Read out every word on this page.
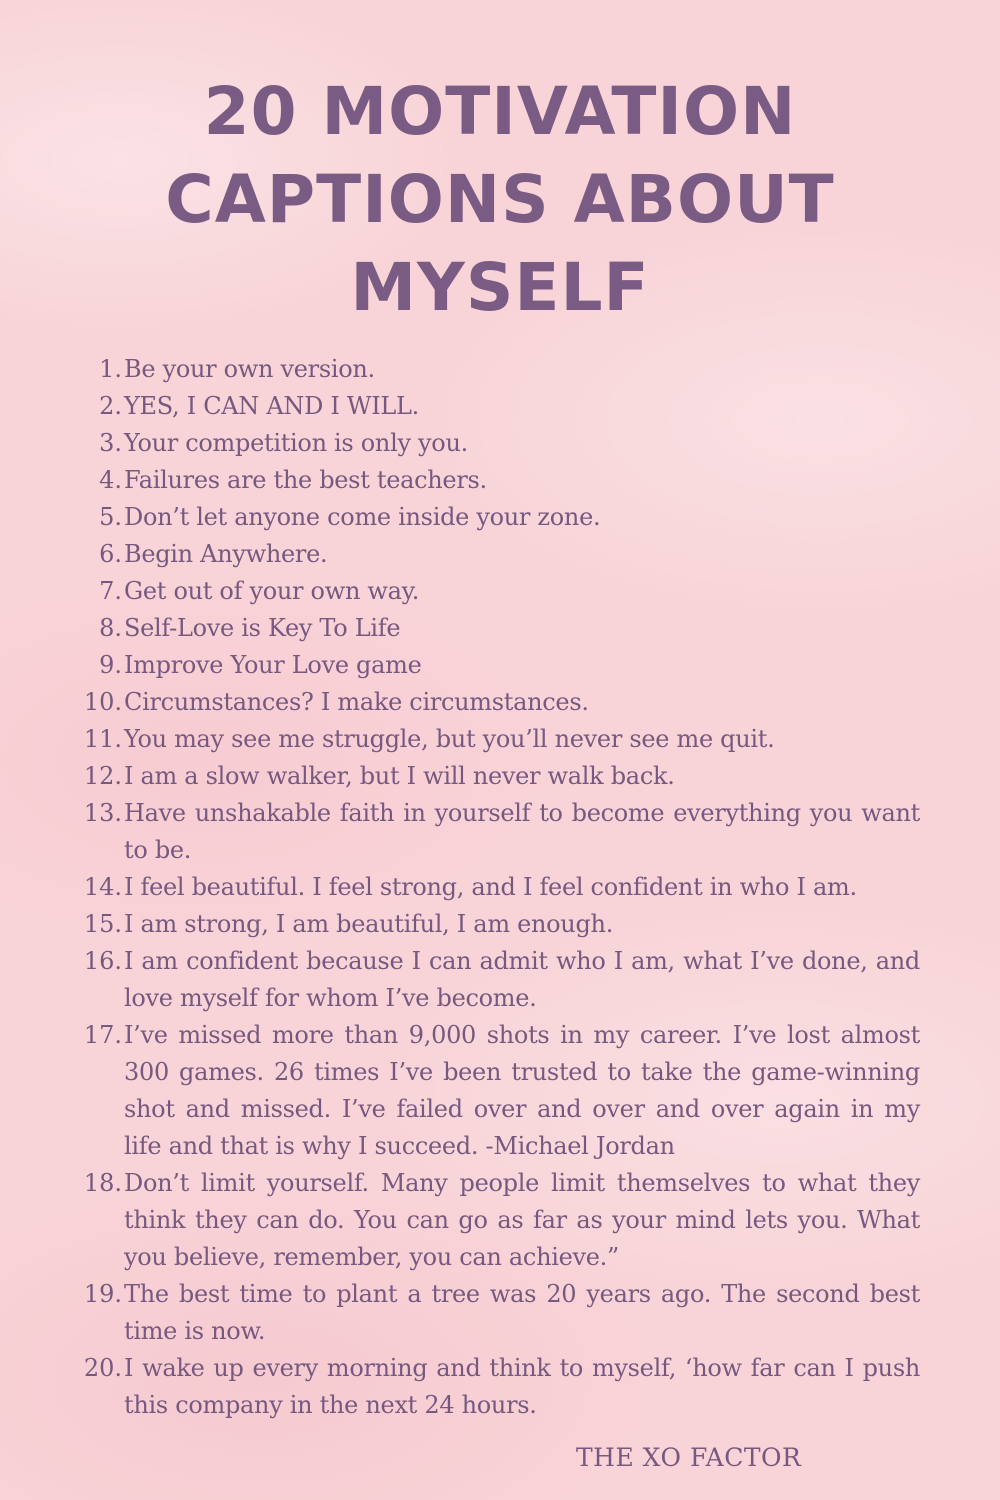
20 MOTIVATION
CAPTIONS ABOUT
MYSELF
1. Be your own version.
2. YES, I CAN AND I WILL.
3. Your competition is only you.
4. Failures are the best teachers.
5. Don’t let anyone come inside your zone.
6. Begin Anywhere.
7. Get out of your own way.
8. Self-Love is Key To Life
9. Improve Your Love game
10. Circumstances? I make circumstances.
11. You may see me struggle, but you’ll never see me quit.
12. I am a slow walker, but I will never walk back.
13. Have unshakable faith in yourself to become everything you want to be.
14. I feel beautiful. I feel strong, and I feel confident in who I am.
15. I am strong, I am beautiful, I am enough.
16. I am confident because I can admit who I am, what I’ve done, and love myself for whom I’ve become.
17. I’ve missed more than 9,000 shots in my career. I’ve lost almost 300 games. 26 times I’ve been trusted to take the game-winning shot and missed. I’ve failed over and over and over again in my life and that is why I succeed. -Michael Jordan
18. Don’t limit yourself. Many people limit themselves to what they think they can do. You can go as far as your mind lets you. What you believe, remember, you can achieve.”
19. The best time to plant a tree was 20 years ago. The second best time is now.
20. I wake up every morning and think to myself, ‘how far can I push this company in the next 24 hours.
THE XO FACTOR
